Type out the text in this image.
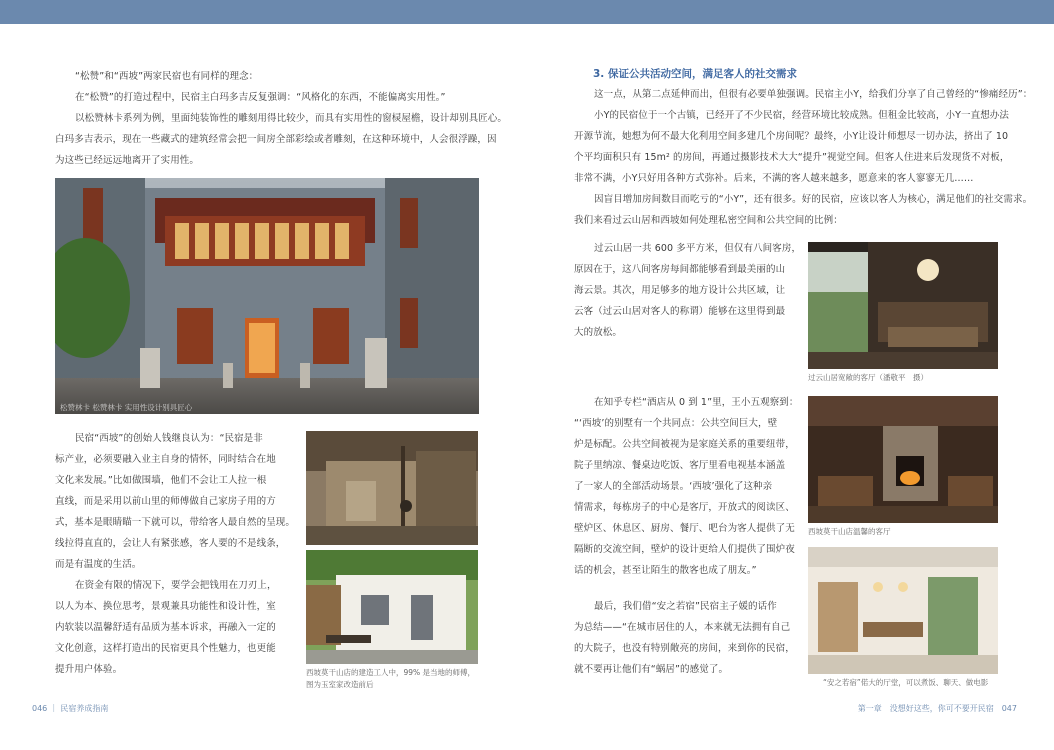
“松赞”和“西坡”两家民宿也有同样的理念：
在“松赞”的打造过程中，民宿主白玛多吉反复强调：“风格化的东西，不能偏离实用性。”
以松赞林卡系列为例，里面纯装饰性的雕刻用得比较少，而具有实用性的窗棂屋檐，设计却别具匠心。
白玛多吉表示，现在一些藏式的建筑经常会把一间房全部彩绘或者雕刻，在这种环境中，人会很浮躁，因
为这些已经远远地离开了实用性。
松赞林卡 松赞林卡 实用性设计别具匠心
民宿“西坡”的创始人钱继良认为：“民宿是非
标产业，必须要融入业主自身的情怀，同时结合在地
文化来发展。”比如做围墙，他们不会让工人拉一根
直线，而是采用以前山里的师傅做自己家房子用的方
式，基本是眼睛瞄一下就可以，带给客人最自然的呈现。
线拉得直直的，会让人有紧张感，客人要的不是线条，
而是有温度的生活。
在资金有限的情况下，要学会把钱用在刀刃上，
以人为本、换位思考，景观兼具功能性和设计性，室
内软装以温馨舒适有品质为基本诉求，再融入一定的
文化创意，这样打造出的民宿更具个性魅力，也更能
提升用户体验。	西坡莫干山店的建造工人中，99% 是当地的师傅，
图为玉室家改造前后
3. 保证公共活动空间，满足客人的社交需求
这一点，从第二点延伸而出，但很有必要单独强调。民宿主小Y，给我们分享了自己曾经的“惨痛经历”：
小Y的民宿位于一个古镇，已经开了不少民宿，经营环境比较成熟。但租金比较高，小Y一直想办法
开源节流，她想为何不最大化利用空间多建几个房间呢？最终，小Y让设计师想尽一切办法，挤出了 10
个平均面积只有 15m² 的房间，再通过摄影技术大大“提升”视觉空间。但客人住进来后发现货不对板，
非常不满，小Y只好用各种方式弥补。后来，不满的客人越来越多，愿意来的客人寥寥无几……
因盲目增加房间数目而吃亏的“小Y”，还有很多。好的民宿，应该以客人为核心，满足他们的社交需求。
我们来看过云山居和西坡如何处理私密空间和公共空间的比例：
过云山居一共 600 多平方米，但仅有八间客房，
原因在于，这八间客房每间都能够看到最美丽的山
海云景。其次，用足够多的地方设计公共区域，让
云客（过云山居对客人的称谓）能够在这里得到最
大的放松。
在知乎专栏“酒店从 0 到 1”里，王小五观察到：
“‘西坡’的别墅有一个共同点：公共空间巨大，壁
炉是标配。公共空间被视为是家庭关系的重要纽带，
院子里纳凉、餐桌边吃饭、客厅里看电视基本涵盖
了一家人的全部活动场景。‘西坡’强化了这种亲
情需求，每栋房子的中心是客厅，开放式的阅读区、
壁炉区、休息区、厨房、餐厅、吧台为客人提供了无
隔断的交流空间，壁炉的设计更给人们提供了围炉夜
话的机会，甚至让陌生的散客也成了朋友。”
最后，我们借“安之若宿”民宿主子媛的话作
为总结——“在城市居住的人，本来就无法拥有自己
的大院子，也没有特别敞亮的房间，来到你的民宿，
就不要再让他们有“蜗居”的感觉了。
过云山居宽敞的客厅（潘敬平　摄）
西坡莫干山店温馨的客厅
“安之若宿”偌大的厅堂，可以煮饭、聊天、做电影
046 ｜ 民宿养成指南	第一章　没想好这些，你可不要开民宿　047
